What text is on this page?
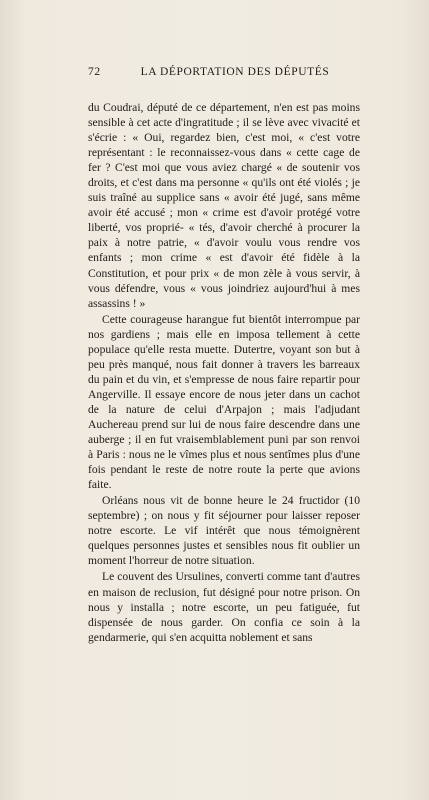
72	LA DÉPORTATION DES DÉPUTÉS

du Coudrai, député de ce département, n'en est pas moins sensible à cet acte d'ingratitude ; il se lève avec vivacité et s'écrie : « Oui, regardez bien, c'est moi, « c'est votre représentant : le reconnaissez-vous dans « cette cage de fer ? C'est moi que vous aviez chargé « de soutenir vos droits, et c'est dans ma personne « qu'ils ont été violés ; je suis traîné au supplice sans « avoir été jugé, sans même avoir été accusé ; mon « crime est d'avoir protégé votre liberté, vos proprié- « tés, d'avoir cherché à procurer la paix à notre patrie, « d'avoir voulu vous rendre vos enfants ; mon crime « est d'avoir été fidèle à la Constitution, et pour prix « de mon zèle à vous servir, à vous défendre, vous « vous joindriez aujourd'hui à mes assassins ! »

Cette courageuse harangue fut bientôt interrompue par nos gardiens ; mais elle en imposa tellement à cette populace qu'elle resta muette. Dutertre, voyant son but à peu près manqué, nous fait donner à travers les barreaux du pain et du vin, et s'empresse de nous faire repartir pour Angerville. Il essaye encore de nous jeter dans un cachot de la nature de celui d'Arpajon ; mais l'adjudant Auchereau prend sur lui de nous faire descendre dans une auberge ; il en fut vraisemblablement puni par son renvoi à Paris : nous ne le vîmes plus et nous sentîmes plus d'une fois pendant le reste de notre route la perte que avions faite.

Orléans nous vit de bonne heure le 24 fructidor (10 septembre) ; on nous y fit séjourner pour laisser reposer notre escorte. Le vif intérêt que nous témoignèrent quelques personnes justes et sensibles nous fit oublier un moment l'horreur de notre situation.

Le couvent des Ursulines, converti comme tant d'autres en maison de reclusion, fut désigné pour notre prison. On nous y installa ; notre escorte, un peu fatiguée, fut dispensée de nous garder. On confia ce soin à la gendarmerie, qui s'en acquitta noblement et sans
